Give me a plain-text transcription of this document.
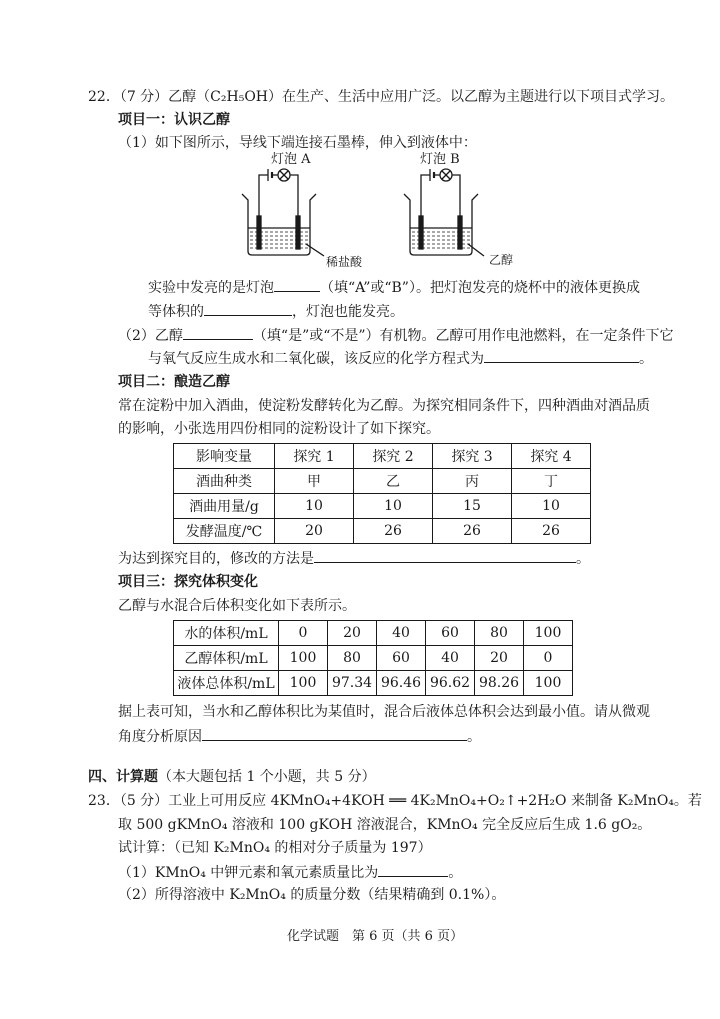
22．（7 分）乙醇（C₂H₅OH）在生产、生活中应用广泛。以乙醇为主题进行以下项目式学习。
项目一：认识乙醇
（1）如下图所示，导线下端连接石墨棒，伸入到液体中：
灯泡 A
稀盐酸
灯泡 B
乙醇
实验中发亮的是灯泡	（填“A”或“B”）。把灯泡发亮的烧杯中的液体更换成
等体积的	，灯泡也能发亮。
（2）乙醇	（填“是”或“不是”）有机物。乙醇可用作电池燃料，在一定条件下它
与氧气反应生成水和二氧化碳，该反应的化学方程式为	。
项目二：酿造乙醇
常在淀粉中加入酒曲，使淀粉发酵转化为乙醇。为探究相同条件下，四种酒曲对酒品质
的影响，小张选用四份相同的淀粉设计了如下探究。
影响变量	探究 1	探究 2	探究 3	探究 4
酒曲种类	甲	乙	丙	丁
酒曲用量/g	10	10	15	10
发酵温度/℃	20	26	26	26
为达到探究目的，修改的方法是	。
项目三：探究体积变化
乙醇与水混合后体积变化如下表所示。
水的体积/mL	0	20	40	60	80	100
乙醇体积/mL	100	80	60	40	20	0
液体总体积/mL	100	97.34	96.46	96.62	98.26	100
据上表可知，当水和乙醇体积比为某值时，混合后液体总体积会达到最小值。请从微观
角度分析原因	。
四、计算题（本大题包括 1 个小题，共 5 分）
23．（5 分）工业上可用反应 4KMnO₄+4KOH ══ 4K₂MnO₄+O₂↑+2H₂O 来制备 K₂MnO₄。若
取 500 gKMnO₄ 溶液和 100 gKOH 溶液混合，KMnO₄ 完全反应后生成 1.6 gO₂。
试计算：（已知 K₂MnO₄ 的相对分子质量为 197）
（1）KMnO₄ 中钾元素和氧元素质量比为	。
（2）所得溶液中 K₂MnO₄ 的质量分数（结果精确到 0.1%）。
化学试题　第 6 页（共 6 页）
